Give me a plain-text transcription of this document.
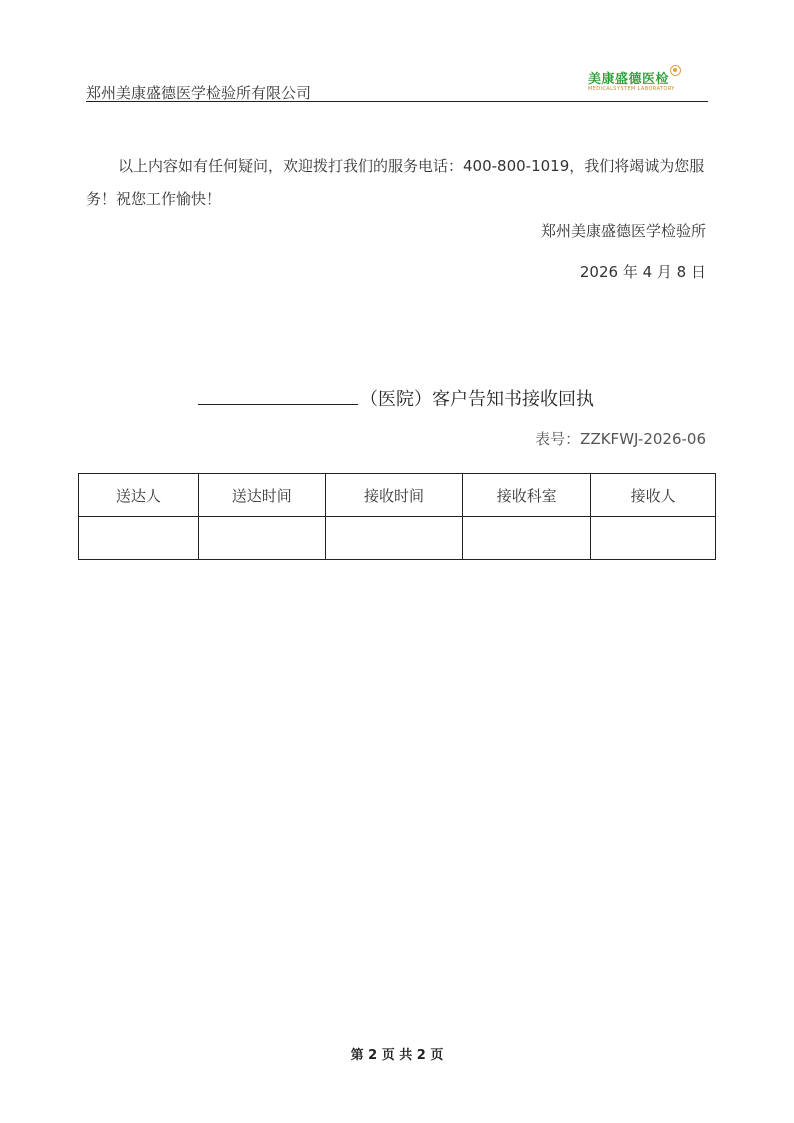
郑州美康盛德医学检验所有限公司
美康盛德医检
MEDICALSYSTEM LABORATORY

以上内容如有任何疑问，欢迎拨打我们的服务电话：400-800-1019，我们将竭诚为您服务！祝您工作愉快！

郑州美康盛德医学检验所
2026 年 4 月 8 日
（医院）客户告知书接收回执
表号：ZZKFWJ-2026-06
送达人	送达时间	接收时间	接收科室	接收人

第 2 页 共 2 页
